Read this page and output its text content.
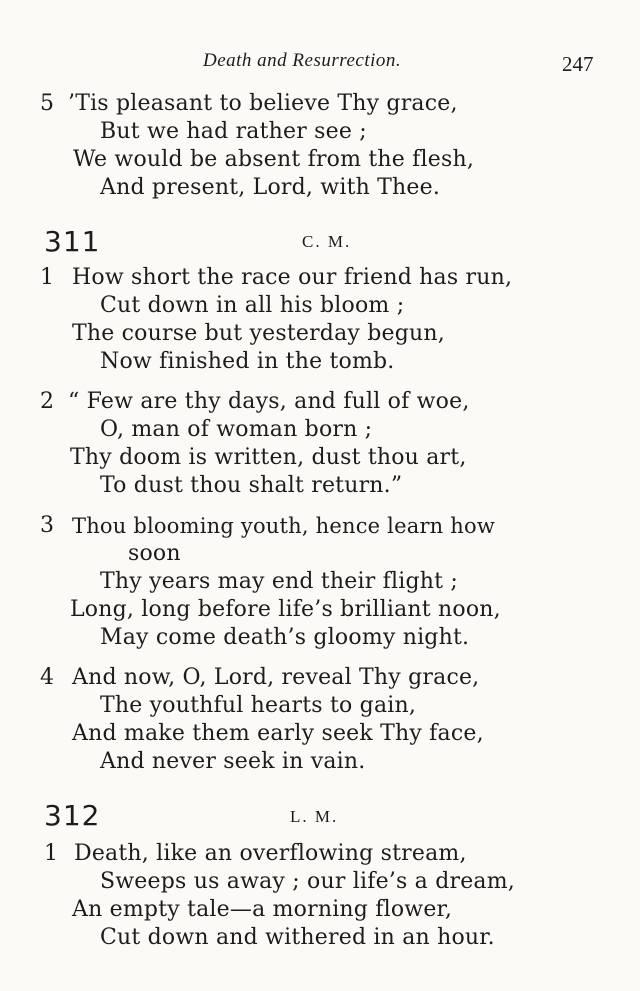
Death and Resurrection.	247
5 ’Tis pleasant to believe Thy grace,
But we had rather see ;
We would be absent from the flesh,
And present, Lord, with Thee.
311	C. M.
1 How short the race our friend has run,
Cut down in all his bloom ;
The course but yesterday begun,
Now finished in the tomb.
2 “ Few are thy days, and full of woe,
O, man of woman born ;
Thy doom is written, dust thou art,
To dust thou shalt return.”
3 Thou blooming youth, hence learn how
soon
Thy years may end their flight ;
Long, long before life’s brilliant noon,
May come death’s gloomy night.
4 And now, O, Lord, reveal Thy grace,
The youthful hearts to gain,
And make them early seek Thy face,
And never seek in vain.
312	L. M.
1 Death, like an overflowing stream,
Sweeps us away ; our life’s a dream,
An empty tale—a morning flower,
Cut down and withered in an hour.
